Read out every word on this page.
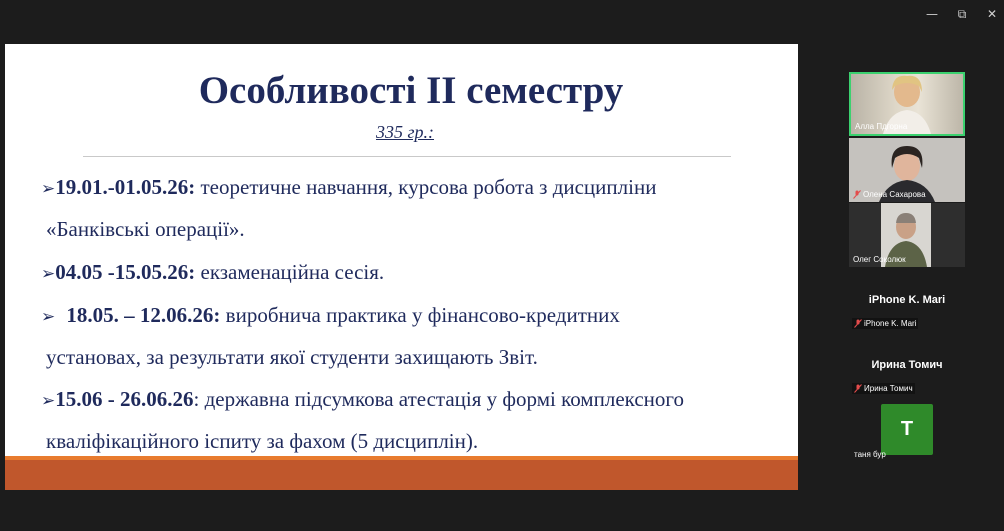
— ⧉ ✕
Особливості ІІ семестру
335 гр.:
➢19.01.-01.05.26: теоретичне навчання, курсова робота з дисципліни
«Банківські операції».
➢04.05 -15.05.26: екзаменаційна сесія.
➢  18.05. – 12.06.26: виробнича практика у фінансово-кредитних
установах, за результати якої студенти захищають Звіт.
➢15.06 - 26.06.26: державна підсумкова атестація у формі комплексного
кваліфікаційного іспиту за фахом (5 дисциплін).
Алла Пдгорна
Олена Сахарова
Олег Соколюк
iPhone K. Mari
iPhone K. Mari
Ирина Томич
Ирина Томич
T
таня бур
